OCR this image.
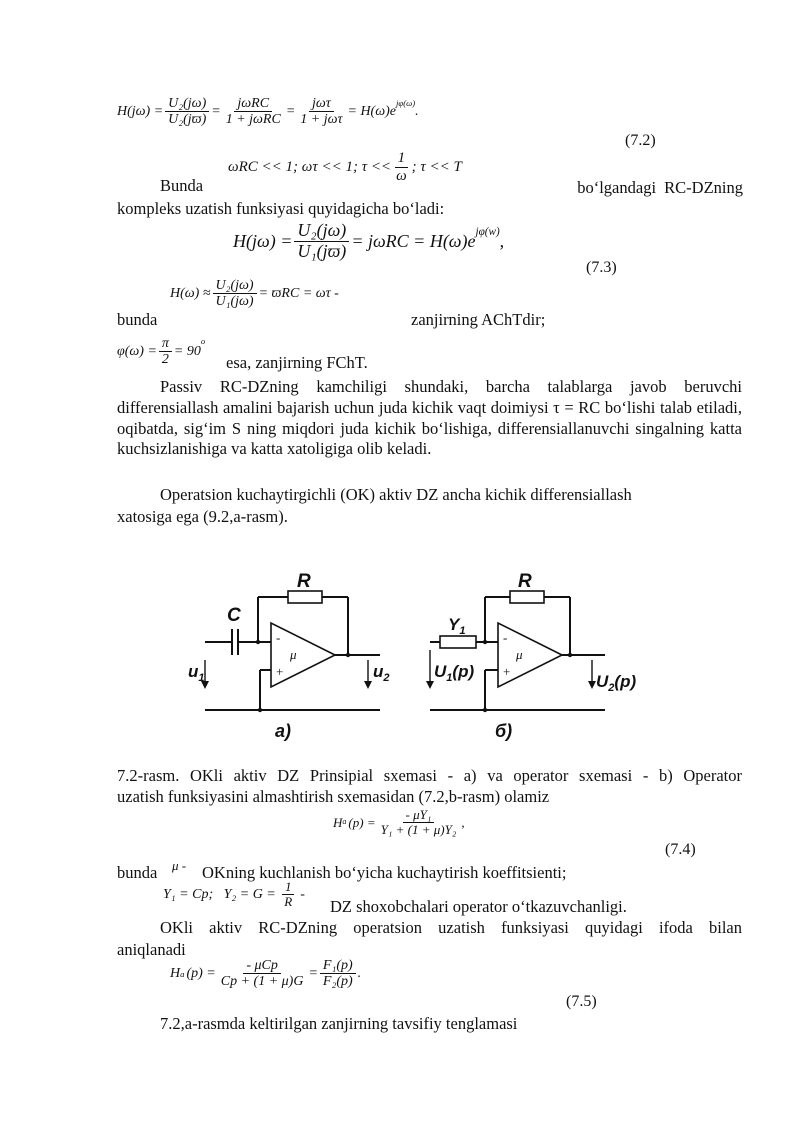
$H(j\omega) = \frac{\text{U₂(jω)}}{\text{U₂(jϖ)}} = \frac{\text{jωRC}}{\text{1 + jωRC}} = \frac{\text{jωτ}}{\text{1 + jωτ}} = H(\omega)e$
$^{j\varphi(\omega)}$
.
(7.2)
ωRC << 1; ωτ << 1; $\tau << \frac{1}{\omega}$ ; τ << T
Bunda	bo‘lgandagi RC-DZning
kompleks uzatish funksiyasi quyidagicha bo‘ladi:
$H(j\omega) = \frac{\text{U₂(jω)}}{\text{U₁(jϖ)}} = j\omega RC = H(\omega)e^{j\varphi(w)}$ ,
(7.3)
$H(\omega) \approx \frac{\text{U₂(jω)}}{\text{U₁(jω)}} = ϖRC = \omega\tau$ -
bunda	zanjirning AChTdir;
$\varphi(\omega) = \frac{\pi}{2} = 90$
$^o$
esa, zanjirning FChT.
Passiv RC-DZning kamchiligi shundaki, barcha talablarga javob beruvchi differensiallash amalini bajarish uchun juda kichik vaqt doimiysi τ = RC bo‘lishi talab etiladi, oqibatda, sig‘im S ning miqdori juda kichik bo‘lishiga, differensiallanuvchi singalning katta kuchsizlanishiga va katta xatoligiga olib keladi.
Operatsion kuchaytirgichli (OK) aktiv DZ ancha kichik differensiallash
xatosiga ega (9.2,a-rasm).
R
C
$u_1$	$u_2$
a)
R
$Y_1$
$U_1(p)$
$U_2(p)$
б)
-
+
μ
-
+
μ
7.2-rasm. OKli aktiv DZ Prinsipial sxemasi - a) va operator sxemasi - b) Operator
uzatish funksiyasini almashtirish sxemasidan (7.2,b-rasm) olamiz
H a $(p) = \frac{\text{- μY₁}}{\text{Y₁ + (1 + μ)Y₂}}$ ,
(7.4)
bunda μ - OKning kuchlanish bo‘yicha kuchaytirish koeffitsienti;
Y₁ = Cp;   $Y_2 = G = \frac{1}{R}$ -
DZ shoxobchalari operator o‘tkazuvchanligi.
OKli aktiv RC-DZning operatsion uzatish funksiyasi quyidagi ifoda bilan
aniqlanadi
H a $(p) = \frac{\text{- μCp}}{Cp + (1 + \mu)G} = \frac{\text{F₁(p)}}{\text{F₂(p)}}$ .
(7.5)
7.2,a-rasmda keltirilgan zanjirning tavsifiy tenglamasi
